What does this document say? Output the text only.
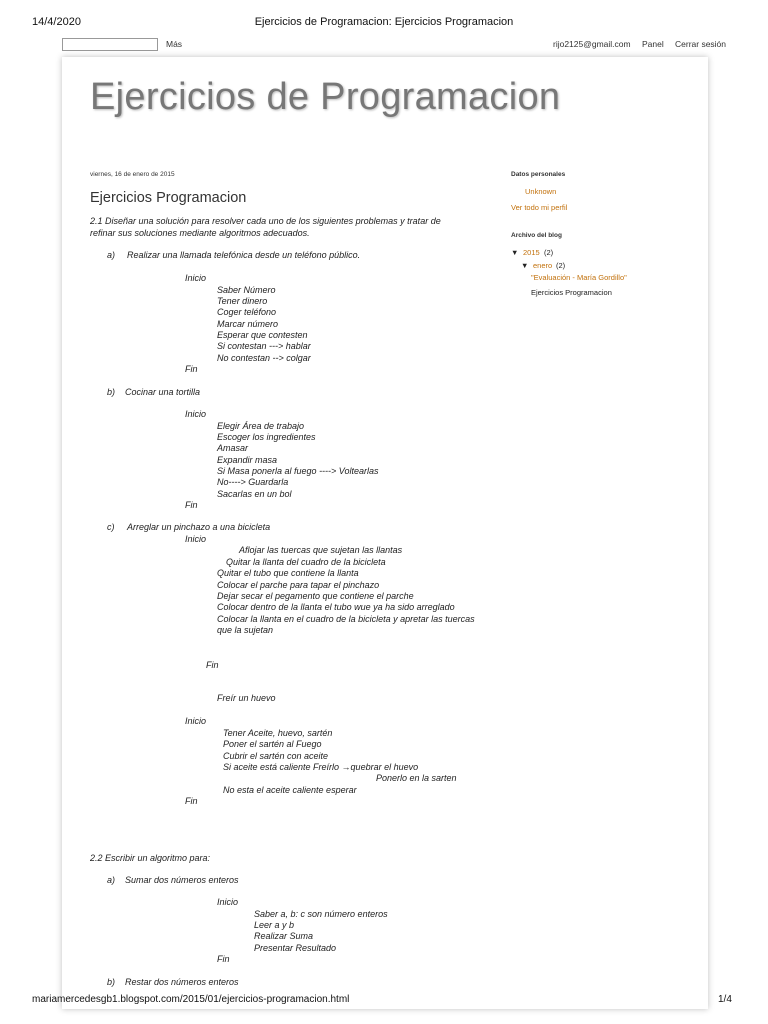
14/4/2020	Ejercicios de Programacion: Ejercicios Programacion
Más	rijo2125@gmail.com Panel Cerrar sesión
Ejercicios de Programacion
viernes, 16 de enero de 2015
Ejercicios Programacion
2.1 Diseñar una solución para resolver cada uno de los siguientes problemas y tratar de
refinar sus soluciones mediante algoritmos adecuados.
a) Realizar una llamada telefónica desde un teléfono público.
Inicio
Saber Número
Tener dinero
Coger teléfono
Marcar número
Esperar que contesten
Si contestan ---> hablar
No contestan --> colgar
Fin
b) Cocinar una tortilla
Inicio
Elegir Área de trabajo
Escoger los ingredientes
Amasar
Expandir masa
Si Masa ponerla al fuego ----> Voltearlas
No----> Guardarla
Sacarlas en un bol
Fin
c) Arreglar un pinchazo a una bicicleta
Inicio
Aflojar las tuercas que sujetan las llantas
Quitar la llanta del cuadro de la bicicleta
Quitar el tubo que contiene la llanta
Colocar el parche para tapar el pinchazo
Dejar secar el pegamento que contiene el parche
Colocar dentro de la llanta el tubo wue ya ha sido arreglado
Colocar la llanta en el cuadro de la bicicleta y apretar las tuercas
que la sujetan
Fin
Freír un huevo
Inicio
Tener Aceite, huevo, sartén
Poner el sartén al Fuego
Cubrir el sartén con aceite
Si aceite está caliente Freírlo →quebrar el huevo
Ponerlo en la sarten
No esta el aceite caliente esperar
Fin
2.2 Escribir un algoritmo para:
a) Sumar dos números enteros
Inicio
Saber a, b: c son número enteros
Leer a y b
Realizar Suma
Presentar Resultado
Fin
b) Restar dos números enteros
Datos personales
Unknown
Ver todo mi perfil
Archivo del blog
▼ 2015 (2)
▼ enero (2)
"Evaluación - María Gordillo"
Ejercicios Programacion
mariamercedesgb1.blogspot.com/2015/01/ejercicios-programacion.html	1/4
